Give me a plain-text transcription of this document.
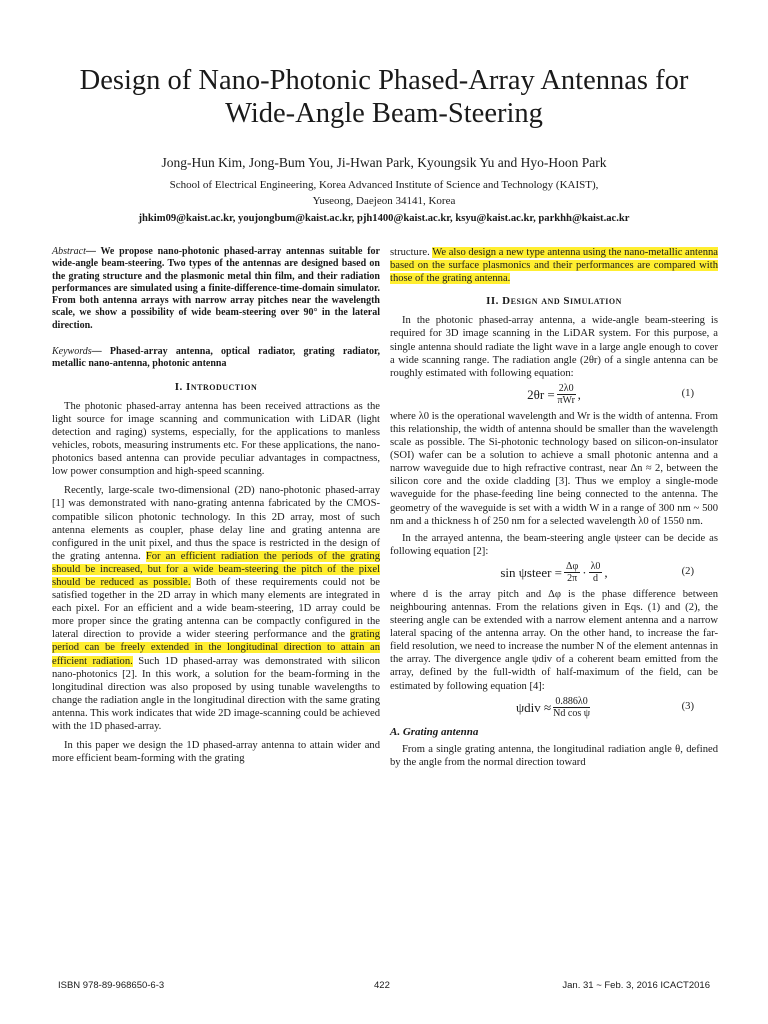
Design of Nano-Photonic Phased-Array Antennas for
Wide-Angle Beam-Steering
Jong-Hun Kim, Jong-Bum You, Ji-Hwan Park, Kyoungsik Yu and Hyo-Hoon Park
School of Electrical Engineering, Korea Advanced Institute of Science and Technology (KAIST),
Yuseong, Daejeon 34141, Korea
jhkim09@kaist.ac.kr, youjongbum@kaist.ac.kr, pjh1400@kaist.ac.kr, ksyu@kaist.ac.kr, parkhh@kaist.ac.kr

Abstract— We propose nano-photonic phased-array antennas suitable for wide-angle beam-steering. Two types of the antennas are designed based on the grating structure and the plasmonic metal thin film, and their radiation performances are simulated using a finite-difference-time-domain simulator. From both antenna arrays with narrow array pitches near the wavelength scale, we show a possibility of wide beam-steering over 90° in the lateral direction.

Keywords— Phased-array antenna, optical radiator, grating radiator, metallic nano-antenna, photonic antenna

I. Introduction

The photonic phased-array antenna has been received attractions as the light source for image scanning and communication with LiDAR (light detection and raging) systems, especially, for the applications to manless vehicles, robots, measuring instruments etc. For these applications, the nano-photonics based antenna can provide peculiar advantages in compactness, low power consumption and high-speed scanning.

Recently, large-scale two-dimensional (2D) nano-photonic phased-array [1] was demonstrated with nano-grating antenna fabricated by the CMOS-compatible silicon photonic technology. In this 2D array, most of such antenna elements as coupler, phase delay line and grating antenna are configured in the unit pixel, and thus the space is restricted in the design of the grating antenna. For an efficient radiation the periods of the grating should be increased, but for a wide beam-steering the pitch of the pixel should be reduced as possible. Both of these requirements could not be satisfied together in the 2D array in which many elements are integrated in each pixel. For an efficient and a wide beam-steering, 1D array could be more proper since the grating antenna can be compactly configured in the lateral direction to provide a wider steering performance and the grating period can be freely extended in the longitudinal direction to attain an efficient radiation. Such 1D phased-array was demonstrated with silicon nano-photonics [2]. In this work, a solution for the beam-forming in the longitudinal direction was also proposed by using tunable wavelengths to change the radiation angle in the longitudinal direction with the same grating antenna. This work indicates that wide 2D image-scanning could be achieved with the 1D phased-array.

In this paper we design the 1D phased-array antenna to attain wider and more efficient beam-forming with the grating

structure. We also design a new type antenna using the nano-metallic antenna based on the surface plasmonics and their performances are compared with those of the grating antenna.

II. Design and Simulation

In the photonic phased-array antenna, a wide-angle beam-steering is required for 3D image scanning in the LiDAR system. For this purpose, a single antenna should radiate the light wave in a large angle enough to cover a wide scanning range. The radiation angle (2θr) of a single antenna can be roughly estimated with following equation:

$2\theta r = \frac{2\lambda 0}{\text{πWr}}$ ,	(1)

where λ0 is the operational wavelength and Wr is the width of antenna. From this relationship, the width of antenna should be smaller than the wavelength scale as possible. The Si-photonic technology based on silicon-on-insulator (SOI) wafer can be a solution to achieve a small photonic antenna and a narrow waveguide due to high refractive contrast, near Δn ≈ 2, between the silicon core and the oxide cladding [3]. Thus we employ a single-mode waveguide for the phase-feeding line being connected to the antenna. The geometry of the waveguide is set with a width W in a range of 300 nm ~ 500 nm and a thickness h of 250 nm for a selected wavelength λ0 of 1550 nm.

In the arrayed antenna, the beam-steering angle ψsteer can be decide as following equation [2]:

sin ψsteer = $\frac{\Delta\varphi}{2\pi} \cdot \frac{\lambda 0}{d}$ ,	(2)

where d is the array pitch and Δφ is the phase difference between neighbouring antennas. From the relations given in Eqs. (1) and (2), the steering angle can be extended with a narrow element antenna and a narrow lateral spacing of the antenna array. On the other hand, to increase the far-field resolution, we need to increase the number N of the element antennas in the array. The divergence angle ψdiv of a coherent beam emitted from the array, defined by the full-width of half-maximum of the field, can be estimated by following equation [4]:

$\psi div \approx \frac{0.886\lambda 0}{\text{Nd cos ψ}}$	(3)
A. Grating antenna

From a single grating antenna, the longitudinal radiation angle θ, defined by the angle from the normal direction toward

ISBN 978-89-968650-6-3	422	Jan. 31 ~ Feb. 3, 2016 ICACT2016
